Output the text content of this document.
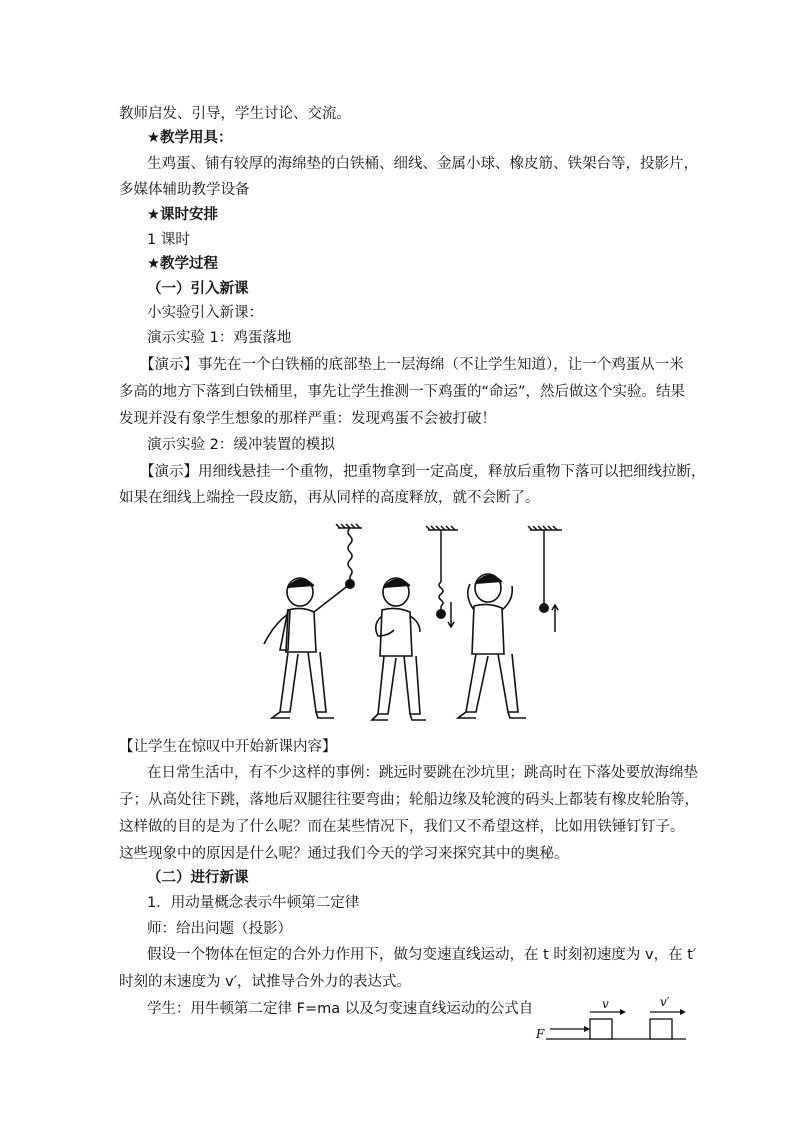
教师启发、引导，学生讨论、交流。
★教学用具：
生鸡蛋、铺有较厚的海绵垫的白铁桶、细线、金属小球、橡皮筋、铁架台等，投影片，
多媒体辅助教学设备
★课时安排
1 课时
★教学过程
（一）引入新课
小实验引入新课：
演示实验 1：鸡蛋落地
【演示】事先在一个白铁桶的底部垫上一层海绵（不让学生知道），让一个鸡蛋从一米
多高的地方下落到白铁桶里，事先让学生推测一下鸡蛋的“命运”，然后做这个实验。结果
发现并没有象学生想象的那样严重：发现鸡蛋不会被打破！
演示实验 2：缓冲装置的模拟
【演示】用细线悬挂一个重物，把重物拿到一定高度，释放后重物下落可以把细线拉断，
如果在细线上端拴一段皮筋，再从同样的高度释放，就不会断了。
【让学生在惊叹中开始新课内容】
在日常生活中，有不少这样的事例：跳远时要跳在沙坑里；跳高时在下落处要放海绵垫
子；从高处往下跳，落地后双腿往往要弯曲；轮船边缘及轮渡的码头上都装有橡皮轮胎等，
这样做的目的是为了什么呢？而在某些情况下，我们又不希望这样，比如用铁锤钉钉子。
这些现象中的原因是什么呢？通过我们今天的学习来探究其中的奥秘。
（二）进行新课
1．用动量概念表示牛顿第二定律
师：给出问题（投影）
假设一个物体在恒定的合外力作用下，做匀变速直线运动，在 t 时刻初速度为 v，在 t′
时刻的末速度为 v′，试推导合外力的表达式。
学生：用牛顿第二定律 F=ma 以及匀变速直线运动的公式自
F
v	v′
